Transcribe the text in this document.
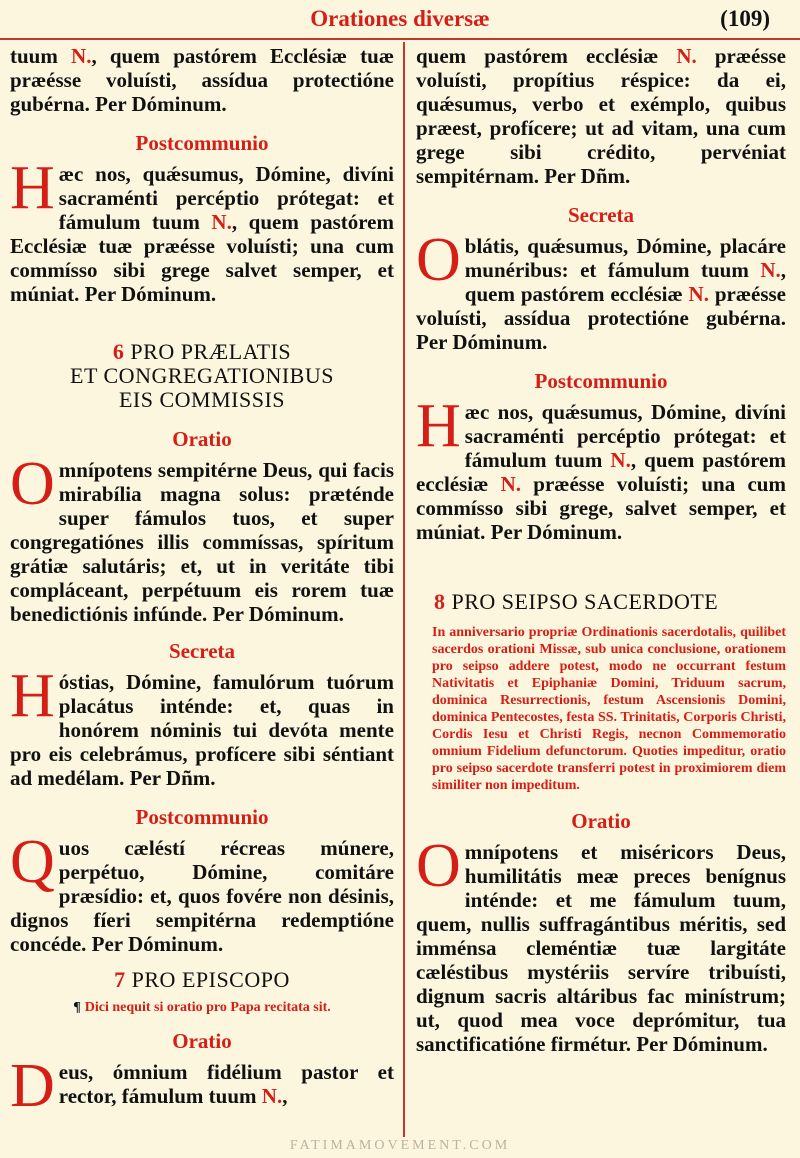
Orationes diversæ	(109)

tuum N., quem pastórem Ecclésiæ tuæ præésse voluísti, assídua protectióne gubérna. Per Dóminum.

Postcommunio

Hæc nos, quǽsumus, Dómine, divíni sacraménti percéptio prótegat: et fámulum tuum N., quem pastórem Ecclésiæ tuæ præésse voluísti; una cum commísso sibi grege salvet semper, et múniat. Per Dóminum.

6 PRO PRÆLATIS
ET CONGREGATIONIBUS
EIS COMMISSIS
Oratio

Omnípotens sempitérne Deus, qui facis mirabília magna solus: præténde super fámulos tuos, et super congregatiónes illis commíssas, spíritum grátiæ salutáris; et, ut in veritáte tibi compláceant, perpétuum eis rorem tuæ benedictiónis infúnde. Per Dóminum.

Secreta

Hóstias, Dómine, famulórum tuórum placátus inténde: et, quas in honórem nóminis tui devóta mente pro eis celebrámus, profícere sibi séntiant ad medélam. Per Dñm.

Postcommunio

Quos cæléstí récreas múnere, perpétuo, Dómine, comitáre præsídio: et, quos fovére non désinis, dignos fíeri sempitérna redemptióne concéde. Per Dóminum.

7 PRO EPISCOPO
¶ Dici nequit si oratio pro Papa recitata sit.
Oratio

Deus, ómnium fidélium pastor et rector, fámulum tuum N.,

quem pastórem ecclésiæ N. præésse voluísti, propítius réspice: da ei, quǽsumus, verbo et exémplo, quibus præest, profícere; ut ad vitam, una cum grege sibi crédito, pervéniat sempitérnam. Per Dñm.

Secreta

Oblátis, quǽsumus, Dómine, placáre munéribus: et fámulum tuum N., quem pastórem ecclésiæ N. præésse voluísti, assídua protectióne gubérna. Per Dóminum.

Postcommunio

Hæc nos, quǽsumus, Dómine, divíni sacraménti percéptio prótegat: et fámulum tuum N., quem pastórem ecclésiæ N. præésse voluísti; una cum commísso sibi grege, salvet semper, et múniat. Per Dóminum.

8 PRO SEIPSO SACERDOTE

In anniversario propriæ Ordinationis sacerdotalis, quilibet sacerdos orationi Missæ, sub unica conclusione, orationem pro seipso addere potest, modo ne occurrant festum Nativitatis et Epiphaniæ Domini, Triduum sacrum, dominica Resurrectionis, festum Ascensionis Domini, dominica Pentecostes, festa SS. Trinitatis, Corporis Christi, Cordis Iesu et Christi Regis, necnon Commemoratio omnium Fidelium defunctorum. Quoties impeditur, oratio pro seipso sacerdote transferri potest in proximiorem diem similiter non impeditum.

Oratio

Omnípotens et miséricors Deus, humilitátis meæ preces benígnus inténde: et me fámulum tuum, quem, nullis suffragántibus méritis, sed imménsa cleméntiæ tuæ largitáte cæléstibus mystériis servíre tribuísti, dignum sacris altáribus fac minístrum; ut, quod mea voce deprómitur, tua sanctificatióne firmétur. Per Dóminum.

FATIMAMOVEMENT.COM
